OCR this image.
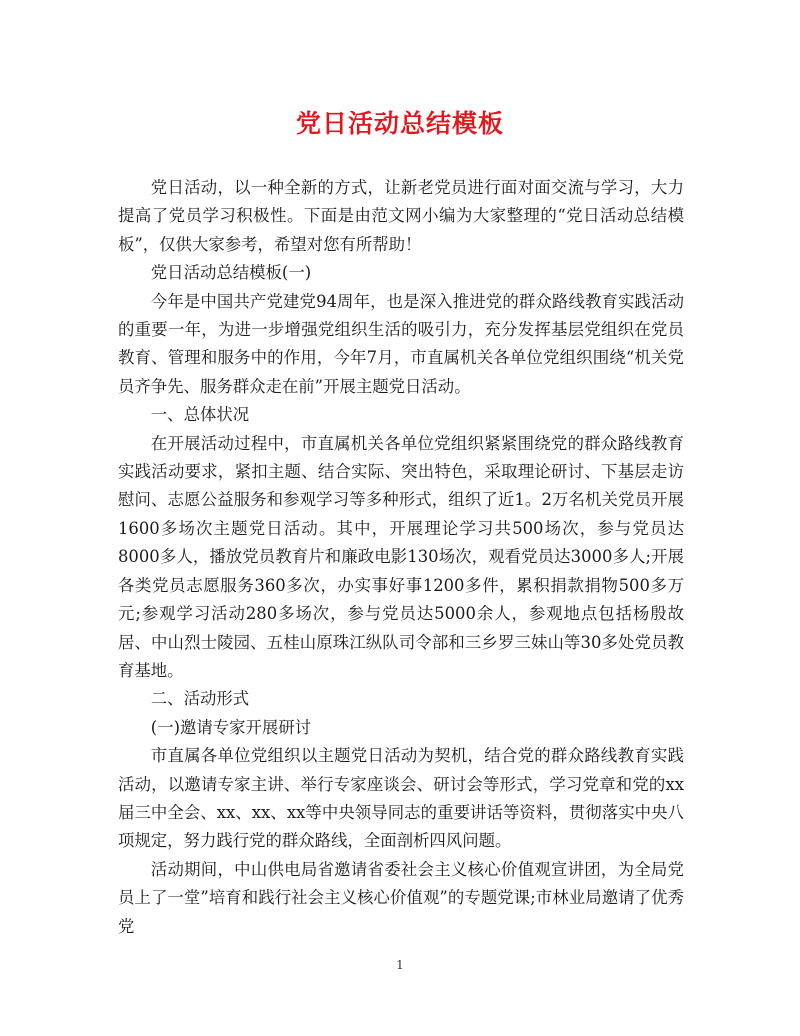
党日活动总结模板

党日活动，以一种全新的方式，让新老党员进行面对面交流与学习，大力提高了党员学习积极性。下面是由范文网小编为大家整理的“党日活动总结模板”，仅供大家参考，希望对您有所帮助！

党日活动总结模板(一)

今年是中国共产党建党94周年，也是深入推进党的群众路线教育实践活动的重要一年，为进一步增强党组织生活的吸引力，充分发挥基层党组织在党员教育、管理和服务中的作用，今年7月，市直属机关各单位党组织围绕“机关党员齐争先、服务群众走在前”开展主题党日活动。

一、总体状况

在开展活动过程中，市直属机关各单位党组织紧紧围绕党的群众路线教育实践活动要求，紧扣主题、结合实际、突出特色，采取理论研讨、下基层走访慰问、志愿公益服务和参观学习等多种形式，组织了近1。2万名机关党员开展1600多场次主题党日活动。其中，开展理论学习共500场次，参与党员达8000多人，播放党员教育片和廉政电影130场次，观看党员达3000多人;开展各类党员志愿服务360多次，办实事好事1200多件，累积捐款捐物500多万元;参观学习活动280多场次，参与党员达5000余人，参观地点包括杨殷故居、中山烈士陵园、五桂山原珠江纵队司令部和三乡罗三妹山等30多处党员教育基地。

二、活动形式

(一)邀请专家开展研讨

市直属各单位党组织以主题党日活动为契机，结合党的群众路线教育实践活动，以邀请专家主讲、举行专家座谈会、研讨会等形式，学习党章和党的xx届三中全会、xx、xx、xx等中央领导同志的重要讲话等资料，贯彻落实中央八项规定，努力践行党的群众路线，全面剖析四风问题。

活动期间，中山供电局省邀请省委社会主义核心价值观宣讲团，为全局党员上了一堂”培育和践行社会主义核心价值观”的专题党课;市林业局邀请了优秀党

1
